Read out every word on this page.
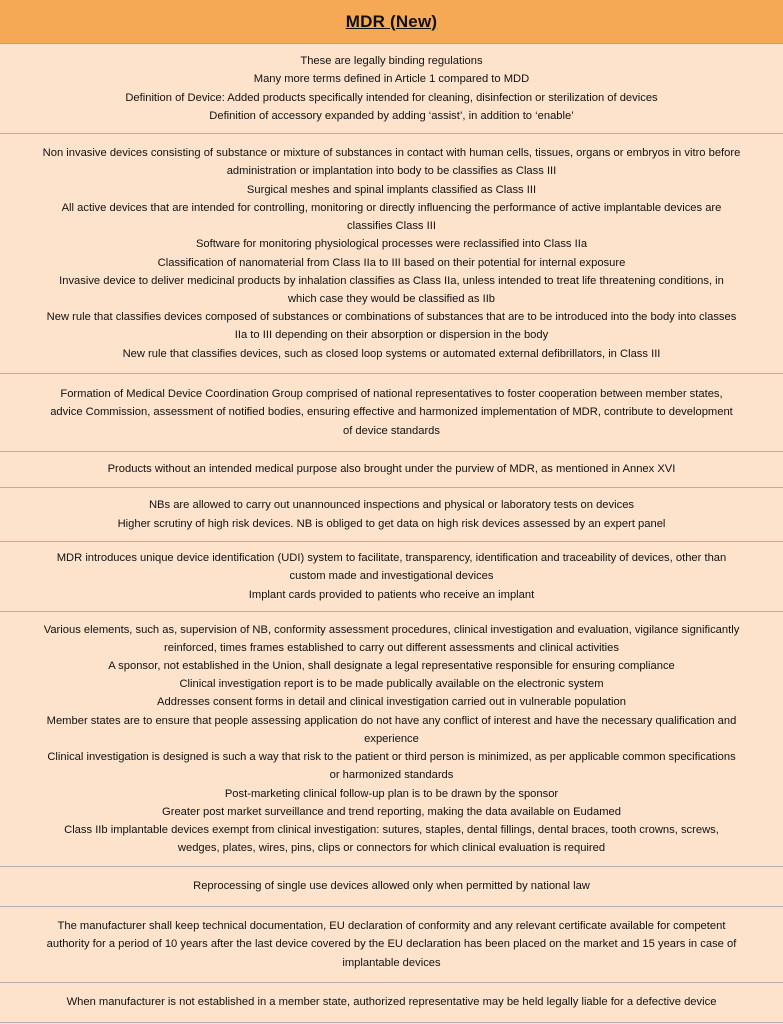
MDR (New)
These are legally binding regulations
Many more terms defined in Article 1 compared to MDD
Definition of Device: Added products specifically intended for cleaning, disinfection or sterilization of devices
Definition of accessory expanded by adding ‘assist’, in addition to ‘enable’
Non invasive devices consisting of substance or mixture of substances in contact with human cells, tissues, organs or embryos in vitro before
administration or implantation into body to be classifies as Class III
Surgical meshes and spinal implants classified as Class III
All active devices that are intended for controlling, monitoring or directly influencing the performance of active implantable devices are
classifies Class III
Software for monitoring physiological processes were reclassified into Class IIa
Classification of nanomaterial from Class IIa to III based on their potential for internal exposure
Invasive device to deliver medicinal products by inhalation classifies as Class IIa, unless intended to treat life threatening conditions, in
which case they would be classified as IIb
New rule that classifies devices composed of substances or combinations of substances that are to be introduced into the body into classes
IIa to III depending on their absorption or dispersion in the body
New rule that classifies devices, such as closed loop systems or automated external defibrillators, in Class III
Formation of Medical Device Coordination Group comprised of national representatives to foster cooperation between member states,
advice Commission, assessment of notified bodies, ensuring effective and harmonized implementation of MDR, contribute to development
of device standards
Products without an intended medical purpose also brought under the purview of MDR, as mentioned in Annex XVI
NBs are allowed to carry out unannounced inspections and physical or laboratory tests on devices
Higher scrutiny of high risk devices. NB is obliged to get data on high risk devices assessed by an expert panel
MDR introduces unique device identification (UDI) system to facilitate, transparency, identification and traceability of devices, other than
custom made and investigational devices
Implant cards provided to patients who receive an implant
Various elements, such as, supervision of NB, conformity assessment procedures, clinical investigation and evaluation, vigilance significantly
reinforced, times frames established to carry out different assessments and clinical activities
A sponsor, not established in the Union, shall designate a legal representative responsible for ensuring compliance
Clinical investigation report is to be made publically available on the electronic system
Addresses consent forms in detail and clinical investigation carried out in vulnerable population
Member states are to ensure that people assessing application do not have any conflict of interest and have the necessary qualification and
experience
Clinical investigation is designed is such a way that risk to the patient or third person is minimized, as per applicable common specifications
or harmonized standards
Post-marketing clinical follow-up plan is to be drawn by the sponsor
Greater post market surveillance and trend reporting, making the data available on Eudamed
Class IIb implantable devices exempt from clinical investigation: sutures, staples, dental fillings, dental braces, tooth crowns, screws,
wedges, plates, wires, pins, clips or connectors for which clinical evaluation is required
Reprocessing of single use devices allowed only when permitted by national law
The manufacturer shall keep technical documentation, EU declaration of conformity and any relevant certificate available for competent
authority for a period of 10 years after the last device covered by the EU declaration has been placed on the market and 15 years in case of
implantable devices
When manufacturer is not established in a member state, authorized representative may be held legally liable for a defective device
